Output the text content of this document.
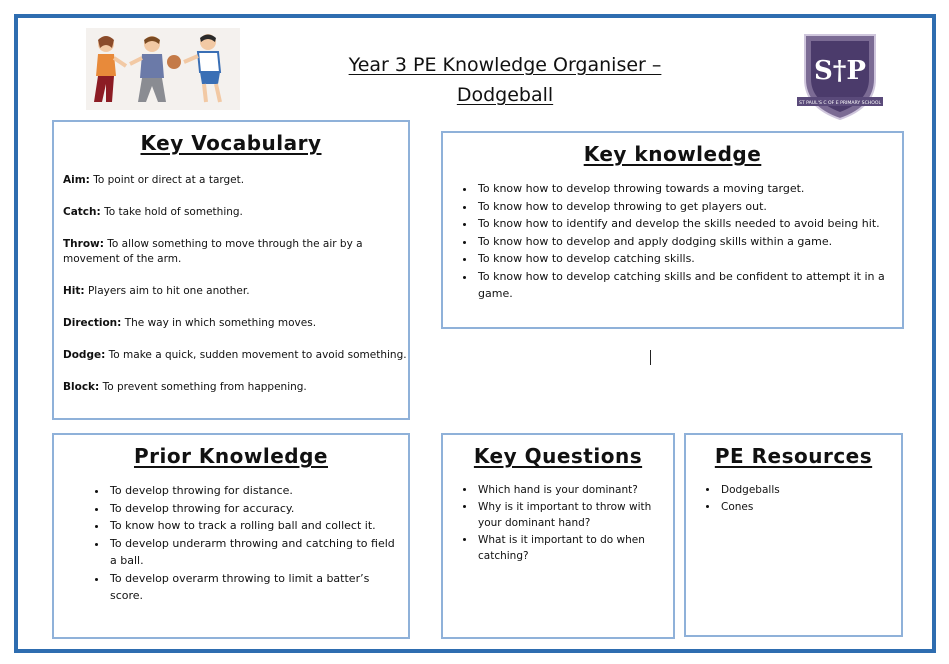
Year 3 PE Knowledge Organiser –
Dodgeball
S†P
ST PAUL'S C OF E PRIMARY SCHOOL
Key Vocabulary
Aim: To point or direct at a target.
Catch: To take hold of something.
Throw: To allow something to move through the air by a movement of the arm.
Hit: Players aim to hit one another.
Direction: The way in which something moves.
Dodge: To make a quick, sudden movement to avoid something.
Block: To prevent something from happening.
Key knowledge
• To know how to develop throwing towards a moving target.
• To know how to develop throwing to get players out.
• To know how to identify and develop the skills needed to avoid being hit.
• To know how to develop and apply dodging skills within a game.
• To know how to develop catching skills.
• To know how to develop catching skills and be confident to attempt it in a game.
Prior Knowledge
• To develop throwing for distance.
• To develop throwing for accuracy.
• To know how to track a rolling ball and collect it.
• To develop underarm throwing and catching to field a ball.
• To develop overarm throwing to limit a batter’s score.
Key Questions
• Which hand is your dominant?
• Why is it important to throw with your dominant hand?
• What is it important to do when catching?
PE Resources
• Dodgeballs
• Cones
